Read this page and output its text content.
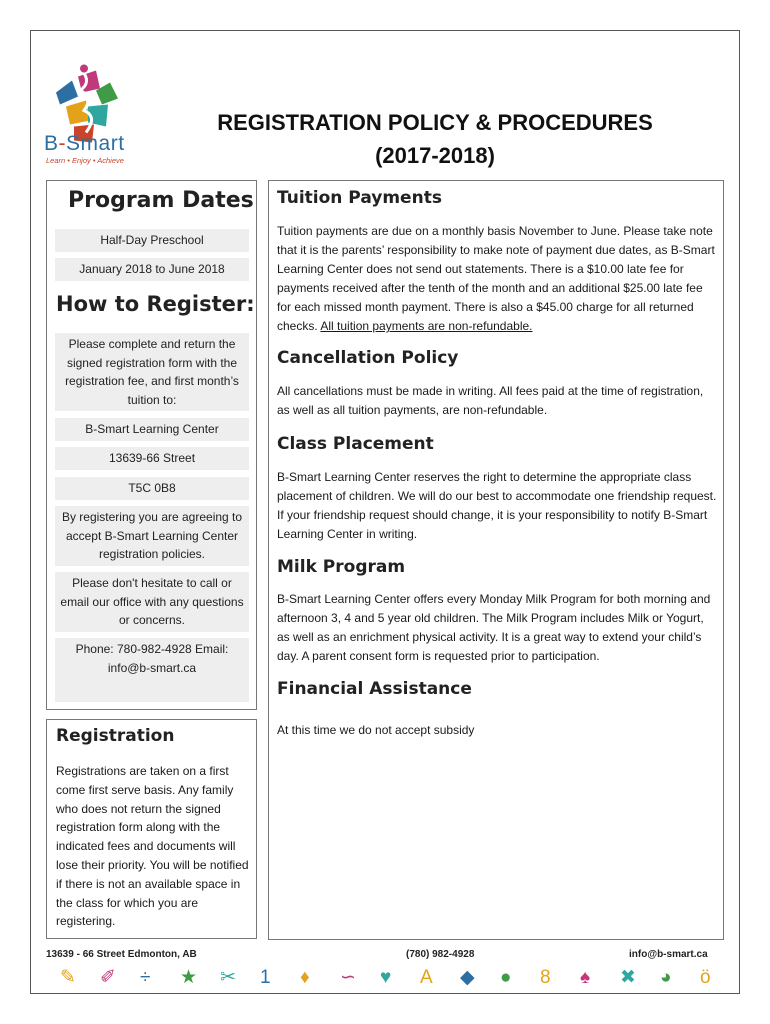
B-Smart
Learn • Enjoy • Achieve
REGISTRATION POLICY & PROCEDURES
(2017-2018)
Program Dates
Half-Day Preschool
January 2018 to June 2018
How to Register:
Please complete and return the signed registration form with the registration fee, and first month’s tuition to:
B-Smart Learning Center
13639-66 Street
T5C 0B8
By registering you are agreeing to accept B-Smart Learning Center registration policies.
Please don't hesitate to call or email our office with any questions or concerns.
Phone: 780-982-4928 Email: info@b-smart.ca
Registration
Registrations are taken on a first come first serve basis. Any family who does not return the signed registration form along with the indicated fees and documents will lose their priority. You will be notified if there is not an available space in the class for which you are registering.
Tuition Payments
Tuition payments are due on a monthly basis November to June. Please take note that it is the parents’ responsibility to make note of payment due dates, as B-Smart Learning Center does not send out statements. There is a $10.00 late fee for payments received after the tenth of the month and an additional $25.00 late fee for each missed month payment. There is also a $45.00 charge for all returned checks. All tuition payments are non-refundable.
Cancellation Policy
All cancellations must be made in writing. All fees paid at the time of registration, as well as all tuition payments, are non-refundable.
Class Placement
B-Smart Learning Center reserves the right to determine the appropriate class placement of children. We will do our best to accommodate one friendship request. If your friendship request should change, it is your responsibility to notify B-Smart Learning Center in writing.
Milk Program
B-Smart Learning Center offers every Monday Milk Program for both morning and afternoon 3, 4 and 5 year old children. The Milk Program includes Milk or Yogurt, as well as an enrichment physical activity. It is a great way to extend your child’s day. A parent consent form is requested prior to participation.
Financial Assistance
At this time we do not accept subsidy
13639 - 66 Street Edmonton, AB	(780) 982-4928	info@b-smart.ca
✎ ✐ ÷ ★ ✂ 1 ♦ ∽ ♥ A ◆ ● 8 ♠ ✖ ◕ ö
